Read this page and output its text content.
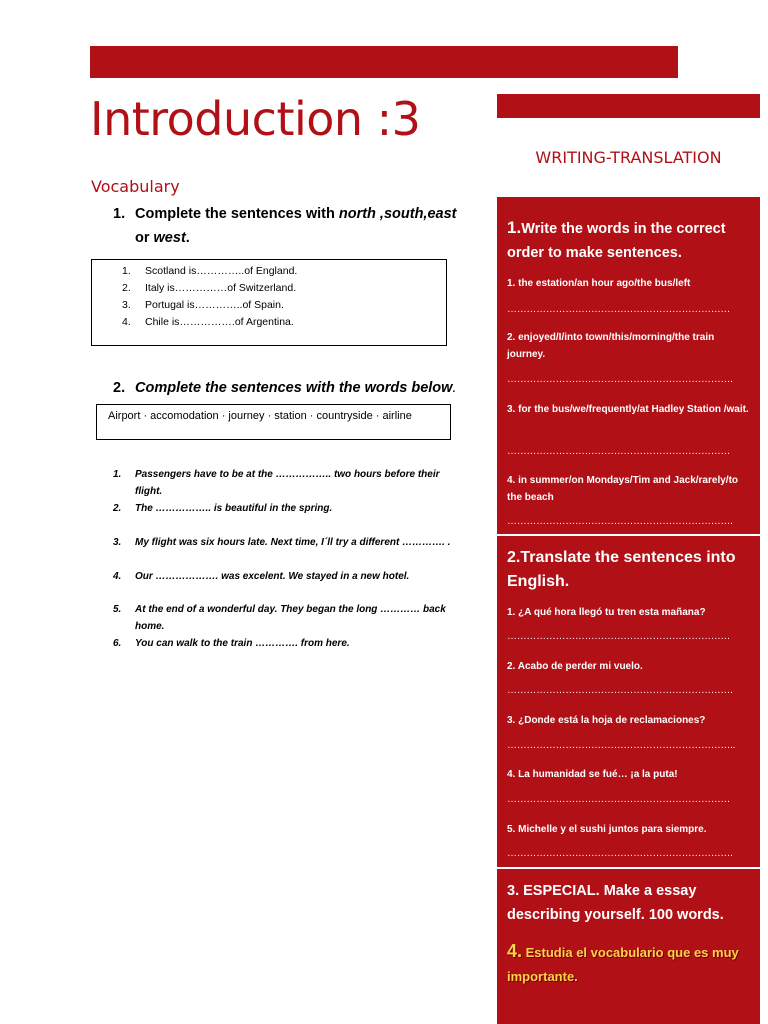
Introduction :3
WRITING-TRANSLATION
Vocabulary
1. Complete the sentences with north ,south,east
or west.
1. Scotland is…………..of England.
2. Italy is……………of Switzerland.
3. Portugal is…………..of Spain.
4. Chile is…………….of Argentina.
2. Complete the sentences with the words below.
Airport · accomodation · journey · station · countryside · airline
1.	Passengers have to be at the …………….. two hours before their flight.
2.	The …………….. is beautiful in the spring.
3.	My flight was six hours late. Next time, I´ll try a different …………. .
4.	Our ………………. was excelent. We stayed in a new hotel.
5.	At the end of a wonderful day. They began the long ………… back home.
6.	You can walk to the train …………. from here.
1.Write the words in the correct order to make sentences.
1. the estation/an hour ago/the bus/left
……………………………………………………………
2. enjoyed/I/into town/this/morning/the train journey.
…………………………………………………………….
3. for the bus/we/frequently/at Hadley Station /wait.
……………………………………………………………
4. in summer/on Mondays/Tim and Jack/rarely/to the beach
…………………………………………………………….
2.Translate the sentences into English.
1. ¿A qué hora llegó tu tren esta mañana?
……………………………………………………………
2. Acabo de perder mi vuelo.
…………………………………………………………….
3. ¿Donde está la hoja de reclamaciones?
……………………………………………………………..
4. La humanidad se fué… ¡a la puta!
……………………………………………………………
5. Michelle y el sushi juntos para siempre.
…………………………………………………………….
3. ESPECIAL. Make a essay describing yourself. 100 words.
4. Estudia el vocabulario que es muy importante.
